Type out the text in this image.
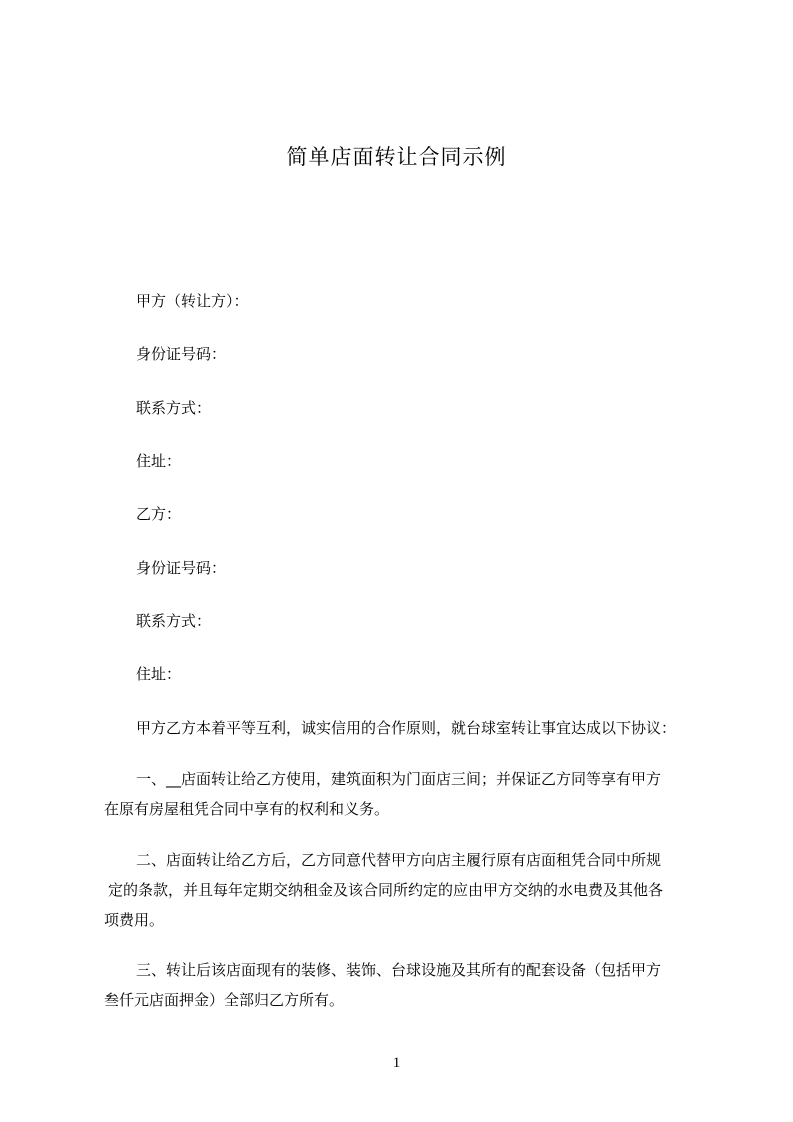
简单店面转让合同示例
甲方（转让方）：
身份证号码：
联系方式：
住址：
乙方：
身份证号码：
联系方式：
住址：
甲方乙方本着平等互利，诚实信用的合作原则，就台球室转让事宜达成以下协议：
一、__店面转让给乙方使用，建筑面积为门面店三间；并保证乙方同等享有甲方
在原有房屋租凭合同中享有的权利和义务。
二、店面转让给乙方后，乙方同意代替甲方向店主履行原有店面租凭合同中所规
定的条款，并且每年定期交纳租金及该合同所约定的应由甲方交纳的水电费及其他各
项费用。
三、转让后该店面现有的装修、装饰、台球设施及其所有的配套设备（包括甲方
叁仟元店面押金）全部归乙方所有。
1
